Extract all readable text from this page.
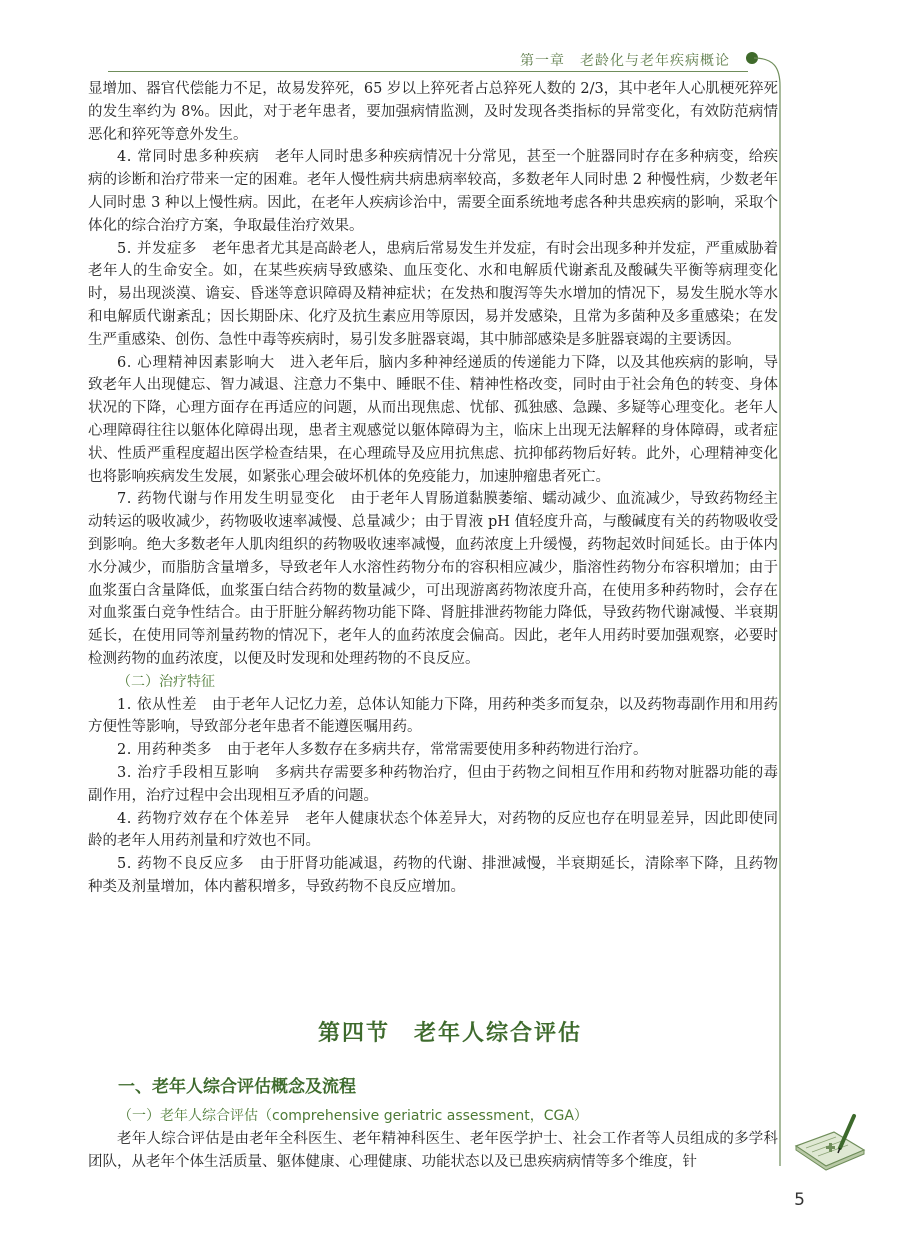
第一章　老龄化与老年疾病概论

显增加、器官代偿能力不足，故易发猝死，65 岁以上猝死者占总猝死人数的 2/3，其中老年人心肌梗死猝死的发生率约为 8%。因此，对于老年患者，要加强病情监测，及时发现各类指标的异常变化，有效防范病情恶化和猝死等意外发生。

4. 常同时患多种疾病　老年人同时患多种疾病情况十分常见，甚至一个脏器同时存在多种病变，给疾病的诊断和治疗带来一定的困难。老年人慢性病共病患病率较高，多数老年人同时患 2 种慢性病，少数老年人同时患 3 种以上慢性病。因此，在老年人疾病诊治中，需要全面系统地考虑各种共患疾病的影响，采取个体化的综合治疗方案，争取最佳治疗效果。

5. 并发症多　老年患者尤其是高龄老人，患病后常易发生并发症，有时会出现多种并发症，严重威胁着老年人的生命安全。如，在某些疾病导致感染、血压变化、水和电解质代谢紊乱及酸碱失平衡等病理变化时，易出现淡漠、谵妄、昏迷等意识障碍及精神症状；在发热和腹泻等失水增加的情况下，易发生脱水等水和电解质代谢紊乱；因长期卧床、化疗及抗生素应用等原因，易并发感染，且常为多菌种及多重感染；在发生严重感染、创伤、急性中毒等疾病时，易引发多脏器衰竭，其中肺部感染是多脏器衰竭的主要诱因。

6. 心理精神因素影响大　进入老年后，脑内多种神经递质的传递能力下降，以及其他疾病的影响，导致老年人出现健忘、智力减退、注意力不集中、睡眠不佳、精神性格改变，同时由于社会角色的转变、身体状况的下降，心理方面存在再适应的问题，从而出现焦虑、忧郁、孤独感、急躁、多疑等心理变化。老年人心理障碍往往以躯体化障碍出现，患者主观感觉以躯体障碍为主，临床上出现无法解释的身体障碍，或者症状、性质严重程度超出医学检查结果，在心理疏导及应用抗焦虑、抗抑郁药物后好转。此外，心理精神变化也将影响疾病发生发展，如紧张心理会破坏机体的免疫能力，加速肿瘤患者死亡。

7. 药物代谢与作用发生明显变化　由于老年人胃肠道黏膜萎缩、蠕动减少、血流减少，导致药物经主动转运的吸收减少，药物吸收速率减慢、总量减少；由于胃液 pH 值轻度升高，与酸碱度有关的药物吸收受到影响。绝大多数老年人肌肉组织的药物吸收速率减慢，血药浓度上升缓慢，药物起效时间延长。由于体内水分减少，而脂肪含量增多，导致老年人水溶性药物分布的容积相应减少，脂溶性药物分布容积增加；由于血浆蛋白含量降低，血浆蛋白结合药物的数量减少，可出现游离药物浓度升高，在使用多种药物时，会存在对血浆蛋白竞争性结合。由于肝脏分解药物功能下降、肾脏排泄药物能力降低，导致药物代谢减慢、半衰期延长，在使用同等剂量药物的情况下，老年人的血药浓度会偏高。因此，老年人用药时要加强观察，必要时检测药物的血药浓度，以便及时发现和处理药物的不良反应。

（二）治疗特征

1. 依从性差　由于老年人记忆力差，总体认知能力下降，用药种类多而复杂，以及药物毒副作用和用药方便性等影响，导致部分老年患者不能遵医嘱用药。

2. 用药种类多　由于老年人多数存在多病共存，常常需要使用多种药物进行治疗。

3. 治疗手段相互影响　多病共存需要多种药物治疗，但由于药物之间相互作用和药物对脏器功能的毒副作用，治疗过程中会出现相互矛盾的问题。

4. 药物疗效存在个体差异　老年人健康状态个体差异大，对药物的反应也存在明显差异，因此即使同龄的老年人用药剂量和疗效也不同。

5. 药物不良反应多　由于肝肾功能减退，药物的代谢、排泄减慢，半衰期延长，清除率下降，且药物种类及剂量增加，体内蓄积增多，导致药物不良反应增加。

第四节　老年人综合评估
一、老年人综合评估概念及流程
（一）老年人综合评估（comprehensive geriatric assessment，CGA）

老年人综合评估是由老年全科医生、老年精神科医生、老年医学护士、社会工作者等人员组成的多学科团队，从老年个体生活质量、躯体健康、心理健康、功能状态以及已患疾病病情等多个维度，针

5
